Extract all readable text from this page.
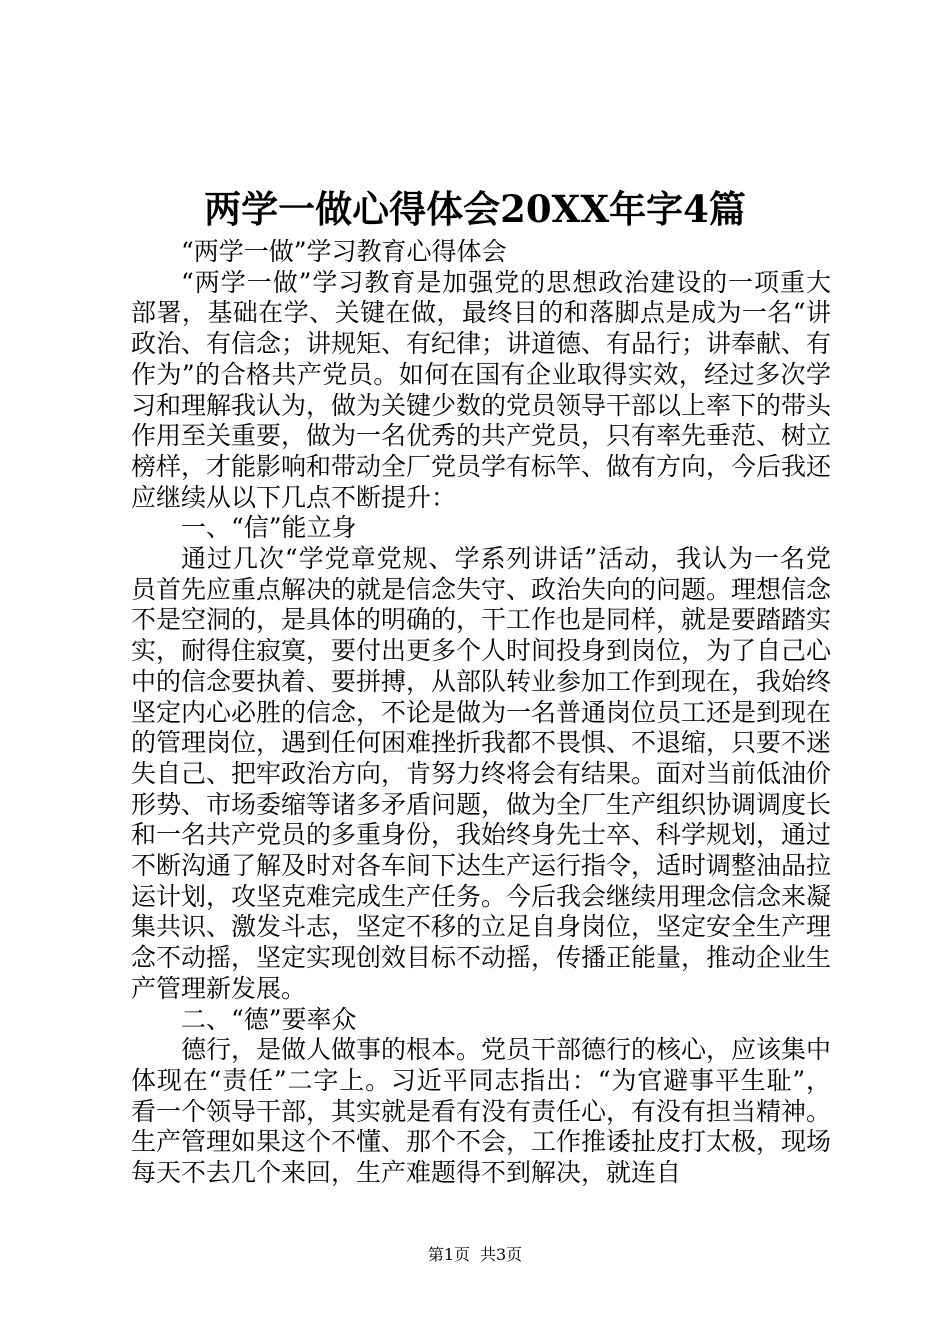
两学一做心得体会20XX年字4篇

“两学一做”学习教育心得体会

“两学一做”学习教育是加强党的思想政治建设的一项重大部署，基础在学、关键在做，最终目的和落脚点是成为一名“讲政治、有信念；讲规矩、有纪律；讲道德、有品行；讲奉献、有作为”的合格共产党员。如何在国有企业取得实效，经过多次学习和理解我认为，做为关键少数的党员领导干部以上率下的带头作用至关重要，做为一名优秀的共产党员，只有率先垂范、树立榜样，才能影响和带动全厂党员学有标竿、做有方向，今后我还应继续从以下几点不断提升：

一、“信”能立身

通过几次“学党章党规、学系列讲话”活动，我认为一名党员首先应重点解决的就是信念失守、政治失向的问题。理想信念不是空洞的，是具体的明确的，干工作也是同样，就是要踏踏实实，耐得住寂寞，要付出更多个人时间投身到岗位，为了自己心中的信念要执着、要拼搏，从部队转业参加工作到现在，我始终坚定内心必胜的信念，不论是做为一名普通岗位员工还是到现在的管理岗位，遇到任何困难挫折我都不畏惧、不退缩，只要不迷失自己、把牢政治方向，肯努力终将会有结果。面对当前低油价形势、市场委缩等诸多矛盾问题，做为全厂生产组织协调调度长和一名共产党员的多重身份，我始终身先士卒、科学规划，通过不断沟通了解及时对各车间下达生产运行指令，适时调整油品拉运计划，攻坚克难完成生产任务。今后我会继续用理念信念来凝集共识、激发斗志，坚定不移的立足自身岗位，坚定安全生产理念不动摇，坚定实现创效目标不动摇，传播正能量，推动企业生产管理新发展。

二、“德”要率众

德行，是做人做事的根本。党员干部德行的核心，应该集中体现在“责任”二字上。习近平同志指出：“为官避事平生耻”，看一个领导干部，其实就是看有没有责任心，有没有担当精神。生产管理如果这个不懂、那个不会，工作推诿扯皮打太极，现场每天不去几个来回，生产难题得不到解决，就连自

第1页 共3页
